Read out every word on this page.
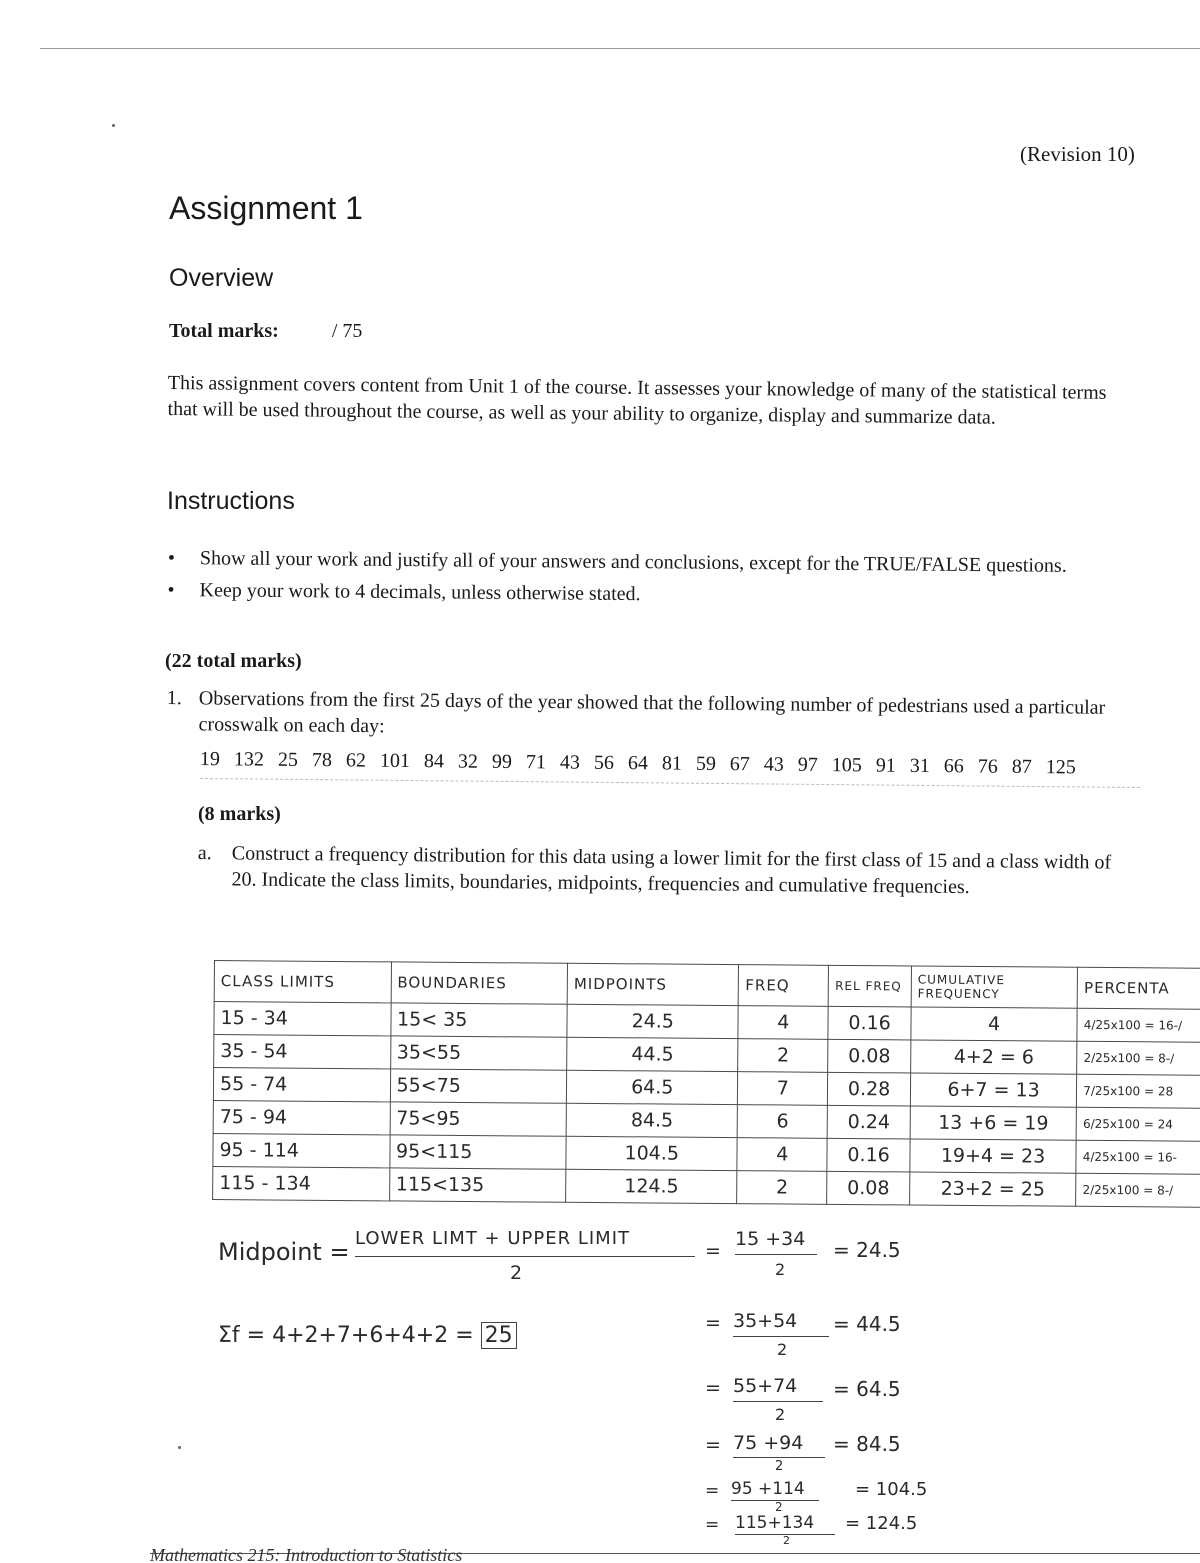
(Revision 10)
Assignment 1
Overview
Total marks:	/ 75
This assignment covers content from Unit 1 of the course. It assesses your knowledge of many of the statistical terms that will be used throughout the course, as well as your ability to organize, display and summarize data.
Instructions
• Show all your work and justify all of your answers and conclusions, except for the TRUE/FALSE questions.
• Keep your work to 4 decimals, unless otherwise stated.
(22 total marks)
1. Observations from the first 25 days of the year showed that the following number of pedestrians used a particular crosswalk on each day:
19  132  25  78  62  101  84  32  99  71  43  56  64  81  59  67  43  97  105  91  31  66  76  87  125
(8 marks)
a. Construct a frequency distribution for this data using a lower limit for the first class of 15 and a class width of 20. Indicate the class limits, boundaries, midpoints, frequencies and cumulative frequencies.
CLASS LIMITS	BOUNDARIES	MIDPOINTS	FREQ	REL FREQ	CUMULATIVE FREQUENCY	PERCENTA
15 - 34	15< 35	24.5	4	0.16	4	4/25x100 = 16-/
35 - 54	35<55	44.5	2	0.08	4+2 = 6	2/25x100 = 8-/
55 - 74	55<75	64.5	7	0.28	6+7 = 13	7/25x100 = 28
75 - 94	75<95	84.5	6	0.24	13 +6 = 19	6/25x100 = 24
95 - 114	95<115	104.5	4	0.16	19+4 = 23	4/25x100 = 16-
115 - 134	115<135	124.5	2	0.08	23+2 = 25	2/25x100 = 8-/
Midpoint = LOWER LIMT + UPPER LIMIT
2
=
15 +34
2
= 24.5
= 35+54
2
= 44.5
= 55+74
2
= 64.5
= 75 +94
2
= 84.5
= 95 +114
2
= 104.5
= 115+134
2
= 124.5
Σf = 4+2+7+6+4+2 = 25
Mathematics 215: Introduction to Statistics
